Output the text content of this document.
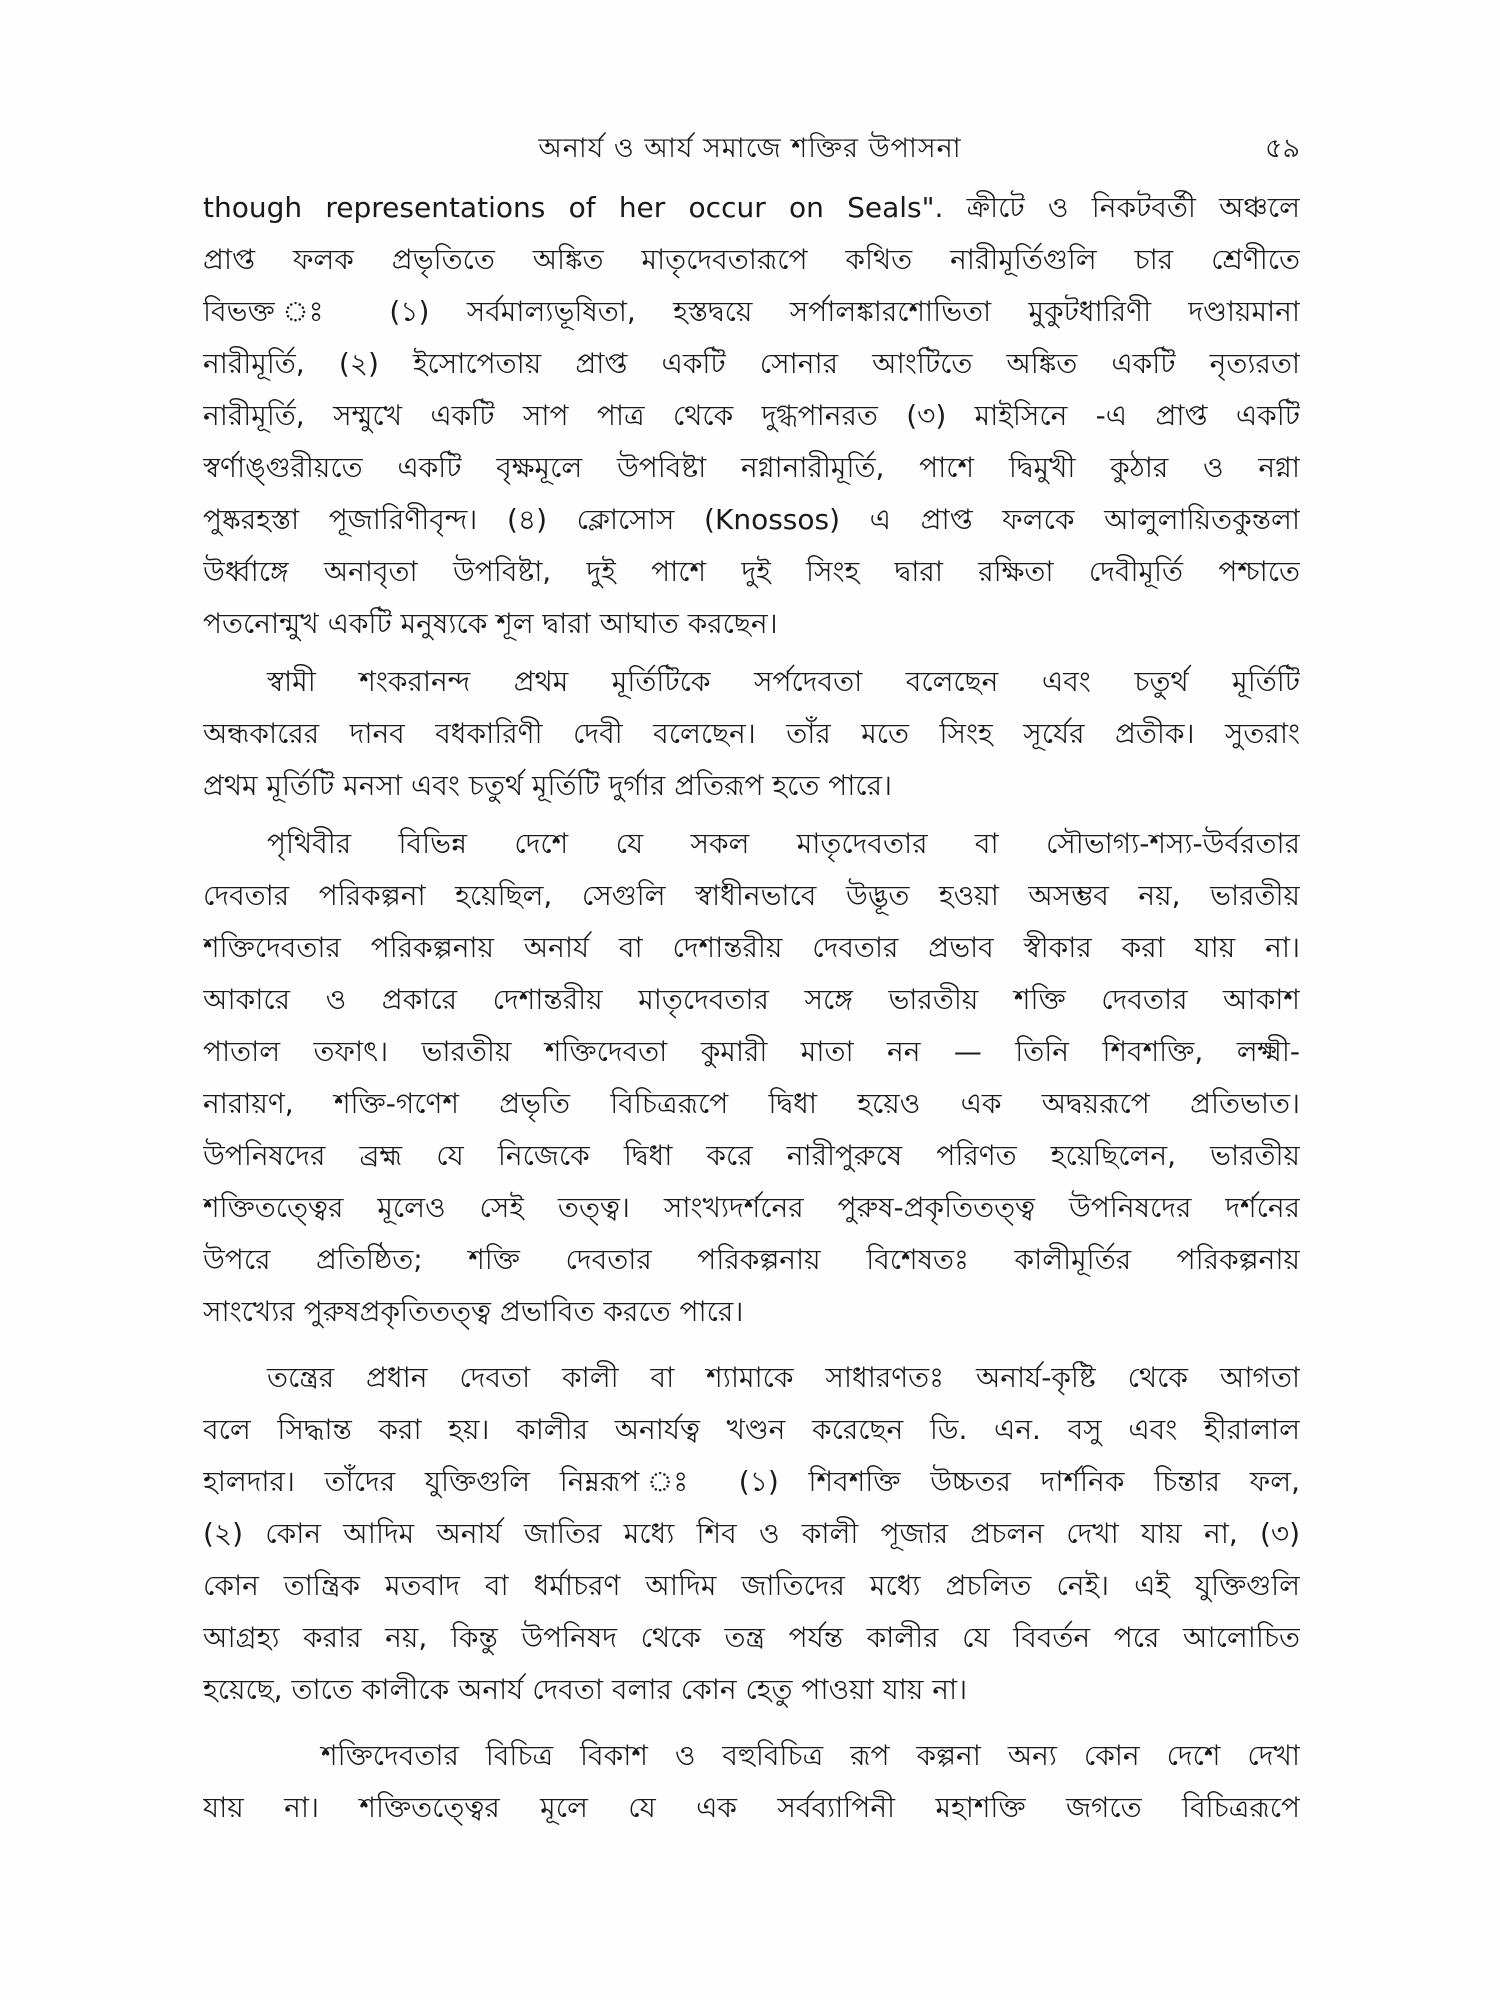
অনার্য ও আর্য সমাজে শক্তির উপাসনা	৫৯
though representations of her occur on Seals". ক্রীটে ও নিকটবর্তী অঞ্চলে
প্রাপ্ত ফলক প্রভৃতিতে অঙ্কিত মাতৃদেবতারূপে কথিত নারীমূর্তিগুলি চার শ্রেণীতে
বিভক্ত ঃ (১) সর্বমাল্যভূষিতা, হস্তদ্বয়ে সর্পালঙ্কারশোভিতা মুকুটধারিণী দণ্ডায়মানা
নারীমূর্তি, (২) ইসোপেতায় প্রাপ্ত একটি সোনার আংটিতে অঙ্কিত একটি নৃত্যরতা
নারীমূর্তি, সম্মুখে একটি সাপ পাত্র থেকে দুগ্ধপানরত (৩) মাইসিনে -এ প্রাপ্ত একটি
স্বর্ণাঙ্গুরীয়তে একটি বৃক্ষমূলে উপবিষ্টা নগ্নানারীমূর্তি, পাশে দ্বিমুখী কুঠার ও নগ্না
পুষ্করহস্তা পূজারিণীবৃন্দ। (৪) ক্লোসোস (Knossos) এ প্রাপ্ত ফলকে আলুলায়িতকুন্তলা
উর্ধ্বাঙ্গে অনাবৃতা উপবিষ্টা, দুই পাশে দুই সিংহ দ্বারা রক্ষিতা দেবীমূর্তি পশ্চাতে
পতনোন্মুখ একটি মনুষ্যকে শূল দ্বারা আঘাত করছেন।
স্বামী শংকরানন্দ প্রথম মূর্তিটিকে সর্পদেবতা বলেছেন এবং চতুর্থ মূর্তিটি
অন্ধকারের দানব বধকারিণী দেবী বলেছেন। তাঁর মতে সিংহ সূর্যের প্রতীক। সুতরাং
প্রথম মূর্তিটি মনসা এবং চতুর্থ মূর্তিটি দুর্গার প্রতিরূপ হতে পারে।
পৃথিবীর বিভিন্ন দেশে যে সকল মাতৃদেবতার বা সৌভাগ্য-শস্য-উর্বরতার
দেবতার পরিকল্পনা হয়েছিল, সেগুলি স্বাধীনভাবে উদ্ভূত হওয়া অসম্ভব নয়, ভারতীয়
শক্তিদেবতার পরিকল্পনায় অনার্য বা দেশান্তরীয় দেবতার প্রভাব স্বীকার করা যায় না।
আকারে ও প্রকারে দেশান্তরীয় মাতৃদেবতার সঙ্গে ভারতীয় শক্তি দেবতার আকাশ
পাতাল তফাৎ। ভারতীয় শক্তিদেবতা কুমারী মাতা নন — তিনি শিবশক্তি, লক্ষ্মী-
নারায়ণ, শক্তি-গণেশ প্রভৃতি বিচিত্ররূপে দ্বিধা হয়েও এক অদ্বয়রূপে প্রতিভাত।
উপনিষদের ব্রহ্ম যে নিজেকে দ্বিধা করে নারীপুরুষে পরিণত হয়েছিলেন, ভারতীয়
শক্তিতত্ত্বের মূলেও সেই তত্ত্ব। সাংখ্যদর্শনের পুরুষ-প্রকৃতিতত্ত্ব উপনিষদের দর্শনের
উপরে প্রতিষ্ঠিত; শক্তি দেবতার পরিকল্পনায় বিশেষতঃ কালীমূর্তির পরিকল্পনায়
সাংখ্যের পুরুষপ্রকৃতিতত্ত্ব প্রভাবিত করতে পারে।
তন্ত্রের প্রধান দেবতা কালী বা শ্যামাকে সাধারণতঃ অনার্য-কৃষ্টি থেকে আগতা
বলে সিদ্ধান্ত করা হয়। কালীর অনার্যত্ব খণ্ডন করেছেন ডি. এন. বসু এবং হীরালাল
হালদার। তাঁদের যুক্তিগুলি নিম্নরূপ ঃ (১) শিবশক্তি উচ্চতর দার্শনিক চিন্তার ফল,
(২) কোন আদিম অনার্য জাতির মধ্যে শিব ও কালী পূজার প্রচলন দেখা যায় না, (৩)
কোন তান্ত্রিক মতবাদ বা ধর্মাচরণ আদিম জাতিদের মধ্যে প্রচলিত নেই। এই যুক্তিগুলি
আগ্রহ্য করার নয়, কিন্তু উপনিষদ থেকে তন্ত্র পর্যন্ত কালীর যে বিবর্তন পরে আলোচিত
হয়েছে, তাতে কালীকে অনার্য দেবতা বলার কোন হেতু পাওয়া যায় না।
শক্তিদেবতার বিচিত্র বিকাশ ও বহুবিচিত্র রূপ কল্পনা অন্য কোন দেশে দেখা
যায় না। শক্তিতত্ত্বের মূলে যে এক সর্বব্যাপিনী মহাশক্তি জগতে বিচিত্ররূপে
